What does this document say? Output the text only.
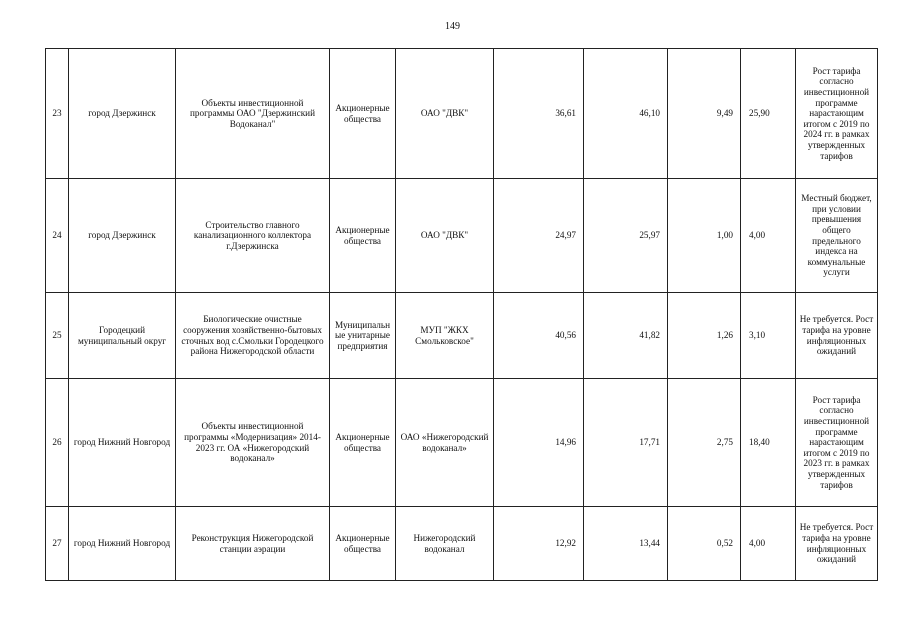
149
23	город Дзержинск	Объекты инвестиционной программы ОАО "Дзержинский Водоканал"	Акционерные общества	ОАО "ДВК"	36,61	46,10	9,49	25,90	Рост тарифа согласно инвестиционной программе нарастающим итогом с 2019 по 2024 гг. в рамках утвержденных тарифов
24	город Дзержинск	Строительство главного канализационного коллектора г.Дзержинска	Акционерные общества	ОАО "ДВК"	24,97	25,97	1,00	4,00	Местный бюджет, при условии превышения общего предельного индекса на коммунальные услуги
25	Городецкий муниципальный округ	Биологические очистные сооружения хозяйственно-бытовых сточных вод с.Смольки Городецкого района Нижегородской области	Муниципальные унитарные предприятия	МУП "ЖКХ Смольковское"	40,56	41,82	1,26	3,10	Не требуется. Рост тарифа на уровне инфляционных ожиданий
26	город Нижний Новгород	Объекты инвестиционной программы «Модернизация» 2014-2023 гг. ОА «Нижегородский водоканал»	Акционерные общества	ОАО «Нижегородский водоканал»	14,96	17,71	2,75	18,40	Рост тарифа согласно инвестиционной программе нарастающим итогом с 2019 по 2023 гг. в рамках утвержденных тарифов
27	город Нижний Новгород	Реконструкция Нижегородской станции аэрации	Акционерные общества	Нижегородский водоканал	12,92	13,44	0,52	4,00	Не требуется. Рост тарифа на уровне инфляционных ожиданий
